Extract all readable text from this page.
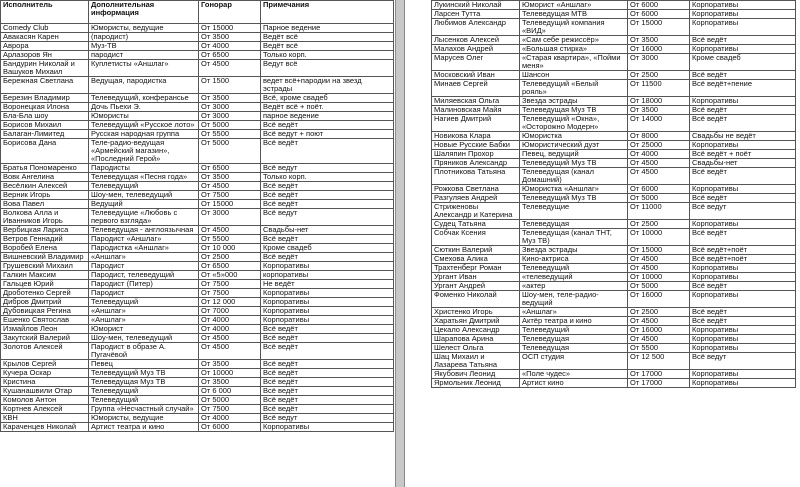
Исполнитель	Дополнительная информация	Гонорар	Примечания
Comedy Club	Юмористы, ведущие	От 15000	Парное ведение
Авакасян Карен	(пародист)	От 3500	Ведёт всё
Аврора	Муз-ТВ	От 4000	Ведёт всё
Арлазоров Ян	пародист	От 6500	Только корп.
Бандурин Николай и Вашуков Михаил	Куплетисты «Аншлаг»	От 4500	Ведут всё
Бережная Светлана	Ведущая, пародистка	От 1500	ведет всё+пародии на звезд эстрады
Березин Владимир	Телеведущий, конферансье	От 3500	Всё, кроме свадеб
Воронецкая Илона	Дочь Пьехи Э.	От 3000	Ведёт всё + поёт.
Бла-Бла шоу	Юмористы	От 3000	парное ведение
Борисов Михаил	Телеведущий «Русское лото»	От 5000	Всё ведёт
Балаган-Лимитед	Русская народная группа	От 5500	Всё ведут + поют
Борисова Дана	Теле-радио-ведущая «Армейский магазин», «Последний Герой»	От 5000	Всё ведёт
Братья Пономаренко	Пародисты	От 6500	Всё ведут
Вовк Ангелина	Телеведущая «Песня года»	От 3500	Только корп.
Весёлкин Алексей	Телеведущий	От 4500	Всё ведёт
Верник Игорь	Шоу-мен, телеведущий	От 7500	Всё ведёт
Вова Павел	Ведущий	От 15000	Всё ведёт
Волкова Алла и Иванников Игорь	Телеведущие «Любовь с первого взгляда»	От 3000	Всё ведут
Вербицкая Лариса	Телеведущая - англоязычная	От 4500	Свадьбы-нет
Ветров Геннадий	Пародист «Аншлаг»	От 5500	Всё ведёт
Воробей Елена	Пародистка «Аншлаг»	От 10 000	Кроме свадеб
Вишневский Владимир	«Аншлаг»	От 2500	Всё ведёт
Грушевский Михаил	Пародист	От 6500	Корпоративы
Галкин Максим	Пародист, телеведущий	От «5»000	корпоративы
Гальцев Юрий	Пародист (Питер)	От 7500	Не ведёт
Дроботенко Сергей	Пародист	От 7500	Корпоративы
Дибров Дмитрий	Телеведущий	От 12 000	Корпоративы
Дубовицкая Регина	«Аншлаг»	От 7000	Корпоративы
Ешенко Святослав	«Аншлаг»	От 4000	Корпоративы
Измайлов Леон	Юморист	От 4000	Всё ведёт
Закутский Валерий	Шоу-мен, телеведущий	От 4500	Всё ведёт
Золотов Алексей	Пародист в образе А. Пугачёвой	От 4500	Всё ведёт
Крылов Сергей	Певец	От 3500	Всё ведёт
Кучера Оскар	Телеведущий Муз ТВ	От 10000	Всё ведёт
Кристина	Телеведущая Муз ТВ	От 3500	Всё ведёт
Кушанашвили Отар	Телеведущий	От 6 000	Всё ведёт
Комолов Антон	Телеведущий	От 5000	Всё ведёт
Кортнев Алексей	Группа «Несчастный случай»	От 7500	Всё ведёт
КВН	Юмористы, ведущие	От 4000	Всё ведут
Караченцев Николай	Артист театра и кино	От 6000	Корпоративы
Лукинский Николай	Юморист «Аншлаг»	От 6000	Корпоративы
Ларсен Тутта	Телеведущая МТВ	От 6000	Корпоративы
Любимов Александр	Телеведущий компания «ВИД»	От 15000	Корпоративы
Лысенков Алексей	«Сам себе режиссёр»	От 3500	Всё ведёт
Малахов Андрей	«Большая стирка»	От 16000	Корпоративы
Марусев Олег	«Старая квартира», «Пойми меня»	От 3000	Кроме свадеб
Московский Иван	Шансон	От 2500	Всё ведёт
Минаев Сергей	Телеведущий «Белый рояль»	От 11500	Всё ведёт+пение
Миляевская Ольга	Звезда эстрады	От 18000	Корпоративы
Малиновская Майя	Телеведущая Муз ТВ	От 3500	Всё ведёт
Нагиев Дмитрий	Телеведущий «Окна», «Осторожно Модерн»	От 14000	Всё ведёт
Новикова Клара	Юмористка	От 8000	Свадьбы не ведёт
Новые Русские Бабки	Юмористический дуэт	От 25000	Корпоративы
Шаляпин Прохор	Певец, ведущий	От 4000	Всё ведёт + поёт
Пряников Александр	Телеведущий Муз ТВ	От 4500	Свадьбы-нет
Плотникова Татьяна	Телеведущая (канал Домашний)	От 4500	Всё ведёт
Рожкова Светлана	Юмористка «Аншлаг»	От 6000	Корпоративы
Разгуляев Андрей	Телеведущий Муз ТВ	От 5000	Всё ведёт
Стриженовы Александр и Катерина	Телеведущие	От 11000	Всё ведут
Судец Татьяна	Телеведущая	От 2500	Корпоративы
Собчак Ксения	Телеведущая (канал ТНТ, Муз ТВ)	От 10000	Всё ведёт
Сюткин Валерий	Звезда эстрады	От 15000	Всё ведёт+поёт
Смехова Алика	Кино-актриса	От 4500	Всё ведёт+поёт
Трахтенберг Роман	Телеведущий	От 4500	Корпоративы
Ургант Иван	«телеведущий	От 10000	Корпоративы
Ургант Андрей	«актер	От 5000	Всё ведёт
Фоменко Николай	Шоу-мен, теле-радио-ведущий	От 16000	Корпоративы
Христенко Игорь	«Аншлаг»	От 2500	Всё ведёт
Харатьян Дмитрий	Актёр театра и кино	От 4500	Всё ведёт
Цекало Александр	Телеведущий	От 16000	Корпоративы
Шарапова Арина	Телеведущая	От 4500	Корпоративы
Шелест Ольга	Телеведущая	От 5500	Корпоративы
Шац Михаил и Лазарева Татьяна	ОСП студия	От 12 500	Всё ведут
Якубович Леонид	«Поле чудес»	От 17000	Корпоративы
Ярмольник Леонид	Артист кино	От 17000	Корпоративы
